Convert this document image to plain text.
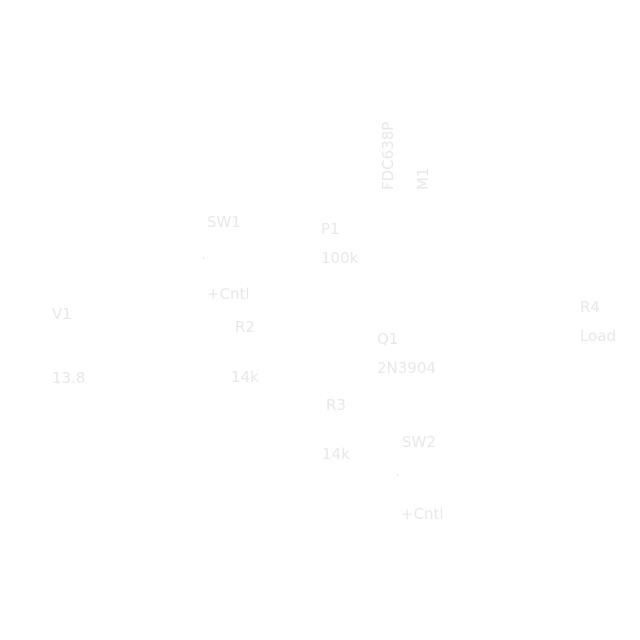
V1
13.8
SW1
+Cntl
R2
14k
P1
100k
FDC638P M1
Q1
2N3904
R3
14k
SW2
+Cntl
R4
Load
